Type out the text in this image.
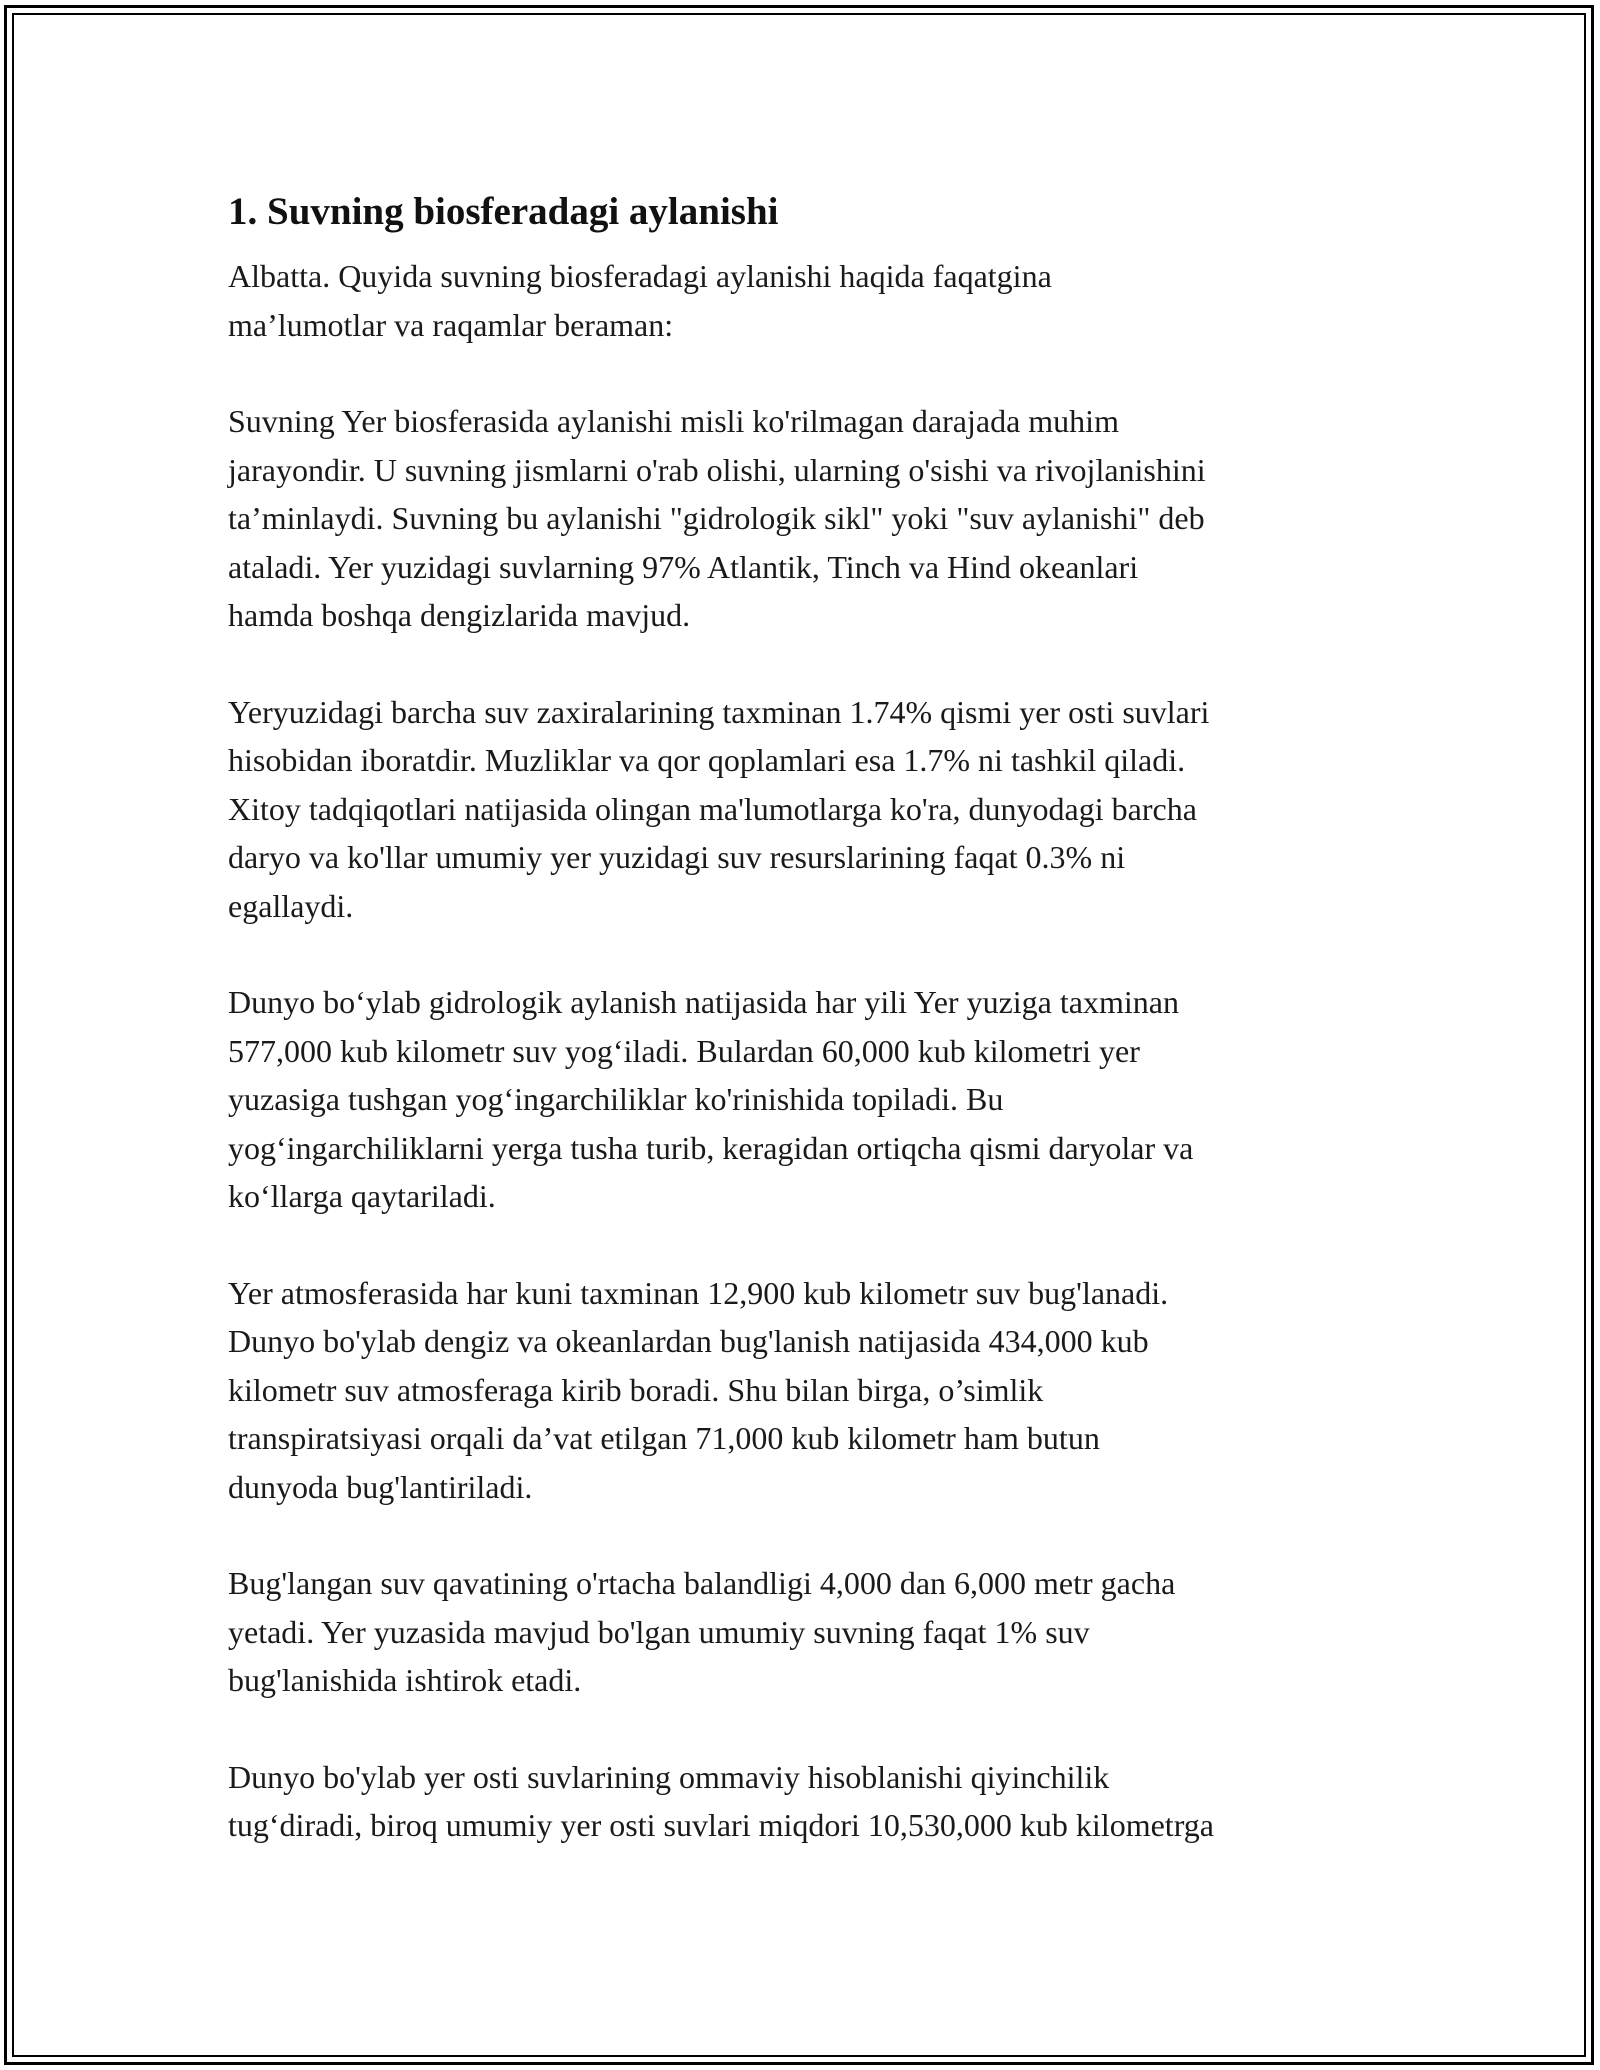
1. Suvning biosferadagi aylanishi

Albatta. Quyida suvning biosferadagi aylanishi haqida faqatgina
ma’lumotlar va raqamlar beraman:

Suvning Yer biosferasida aylanishi misli ko'rilmagan darajada muhim
jarayondir. U suvning jismlarni o'rab olishi, ularning o'sishi va rivojlanishini
ta’minlaydi. Suvning bu aylanishi "gidrologik sikl" yoki "suv aylanishi" deb
ataladi. Yer yuzidagi suvlarning 97% Atlantik, Tinch va Hind okeanlari
hamda boshqa dengizlarida mavjud.

Yeryuzidagi barcha suv zaxiralarining taxminan 1.74% qismi yer osti suvlari
hisobidan iboratdir. Muzliklar va qor qoplamlari esa 1.7% ni tashkil qiladi.
Xitoy tadqiqotlari natijasida olingan ma'lumotlarga ko'ra, dunyodagi barcha
daryo va ko'llar umumiy yer yuzidagi suv resurslarining faqat 0.3% ni
egallaydi.

Dunyo bo‘ylab gidrologik aylanish natijasida har yili Yer yuziga taxminan
577,000 kub kilometr suv yog‘iladi. Bulardan 60,000 kub kilometri yer
yuzasiga tushgan yog‘ingarchiliklar ko'rinishida topiladi. Bu
yog‘ingarchiliklarni yerga tusha turib, keragidan ortiqcha qismi daryolar va
ko‘llarga qaytariladi.

Yer atmosferasida har kuni taxminan 12,900 kub kilometr suv bug'lanadi.
Dunyo bo'ylab dengiz va okeanlardan bug'lanish natijasida 434,000 kub
kilometr suv atmosferaga kirib boradi. Shu bilan birga, o’simlik
transpiratsiyasi orqali da’vat etilgan 71,000 kub kilometr ham butun
dunyoda bug'lantiriladi.

Bug'langan suv qavatining o'rtacha balandligi 4,000 dan 6,000 metr gacha
yetadi. Yer yuzasida mavjud bo'lgan umumiy suvning faqat 1% suv
bug'lanishida ishtirok etadi.

Dunyo bo'ylab yer osti suvlarining ommaviy hisoblanishi qiyinchilik
tug‘diradi, biroq umumiy yer osti suvlari miqdori 10,530,000 kub kilometrga
